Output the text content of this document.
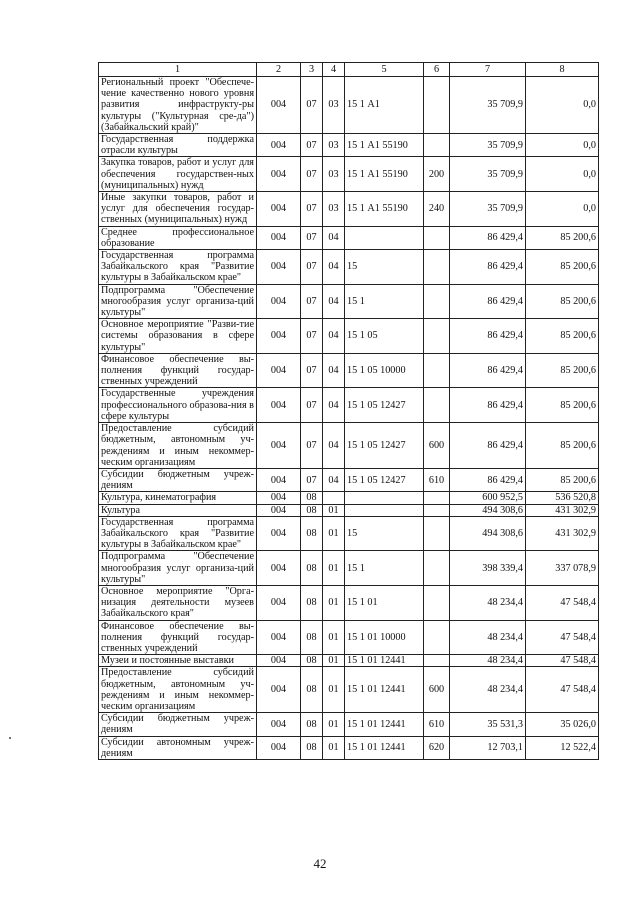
1	2	3	4	5	6	7	8
Региональный проект "Обеспече-чение качественно нового уровня развития инфраструкту-ры культуры ("Культурная сре-да") (Забайкальский край)"	004	07	03	15 1 А1		35 709,9	0,0
Государственная поддержка отрасли культуры	004	07	03	15 1 А1 55190		35 709,9	0,0
Закупка товаров, работ и услуг для обеспечения государствен-ных (муниципальных) нужд	004	07	03	15 1 А1 55190	200	35 709,9	0,0
Иные закупки товаров, работ и услуг для обеспечения государ-ственных (муниципальных) нужд	004	07	03	15 1 А1 55190	240	35 709,9	0,0
Среднее профессиональное образование	004	07	04			86 429,4	85 200,6
Государственная программа Забайкальского края "Развитие культуры в Забайкальском крае"	004	07	04	15		86 429,4	85 200,6
Подпрограмма "Обеспечение многообразия услуг организа-ций культуры"	004	07	04	15 1		86 429,4	85 200,6
Основное мероприятие "Разви-тие системы образования в сфере культуры"	004	07	04	15 1 05		86 429,4	85 200,6
Финансовое обеспечение вы-полнения функций государ-ственных учреждений	004	07	04	15 1 05 10000		86 429,4	85 200,6
Государственные учреждения профессионального образова-ния в сфере культуры	004	07	04	15 1 05 12427		86 429,4	85 200,6
Предоставление субсидий бюджетным, автономным уч-реждениям и иным некоммер-ческим организациям	004	07	04	15 1 05 12427	600	86 429,4	85 200,6
Субсидии бюджетным учреж-дениям	004	07	04	15 1 05 12427	610	86 429,4	85 200,6
Культура, кинематография	004	08				600 952,5	536 520,8
Культура	004	08	01			494 308,6	431 302,9
Государственная программа Забайкальского края "Развитие культуры в Забайкальском крае"	004	08	01	15		494 308,6	431 302,9
Подпрограмма "Обеспечение многообразия услуг организа-ций культуры"	004	08	01	15 1		398 339,4	337 078,9
Основное мероприятие "Орга-низация деятельности музеев Забайкальского края"	004	08	01	15 1 01		48 234,4	47 548,4
Финансовое обеспечение вы-полнения функций государ-ственных учреждений	004	08	01	15 1 01 10000		48 234,4	47 548,4
Музеи и постоянные выставки	004	08	01	15 1 01 12441		48 234,4	47 548,4
Предоставление субсидий бюджетным, автономным уч-реждениям и иным некоммер-ческим организациям	004	08	01	15 1 01 12441	600	48 234,4	47 548,4
Субсидии бюджетным учреж-дениям	004	08	01	15 1 01 12441	610	35 531,3	35 026,0
Субсидии автономным учреж-дениям	004	08	01	15 1 01 12441	620	12 703,1	12 522,4
42
